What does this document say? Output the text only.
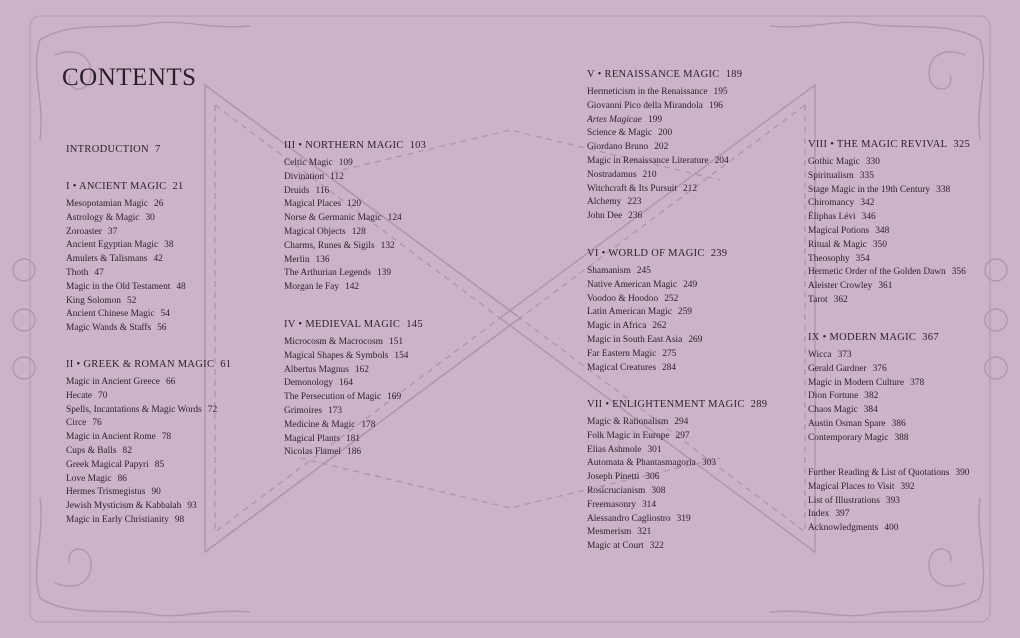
CONTENTS
INTRODUCTION 7
I • ANCIENT MAGIC 21
Mesopotamian Magic 26
Astrology & Magic 30
Zoroaster 37
Ancient Egyptian Magic 38
Amulets & Talismans 42
Thoth 47
Magic in the Old Testament 48
King Solomon 52
Ancient Chinese Magic 54
Magic Wands & Staffs 56
II • GREEK & ROMAN MAGIC 61
Magic in Ancient Greece 66
Hecate 70
Spells, Incantations & Magic Words 72
Circe 76
Magic in Ancient Rome 78
Cups & Balls 82
Greek Magical Papyri 85
Love Magic 86
Hermes Trismegistus 90
Jewish Mysticism & Kabbalah 93
Magic in Early Christianity 98
III • NORTHERN MAGIC 103
Celtic Magic 109
Divination 112
Druids 116
Magical Places 120
Norse & Germanic Magic 124
Magical Objects 128
Charms, Runes & Sigils 132
Merlin 136
The Arthurian Legends 139
Morgan le Fay 142
IV • MEDIEVAL MAGIC 145
Microcosm & Macrocosm 151
Magical Shapes & Symbols 154
Albertus Magnus 162
Demonology 164
The Persecution of Magic 169
Grimoires 173
Medicine & Magic 178
Magical Plants 181
Nicolas Flamel 186
V • RENAISSANCE MAGIC 189
Hermeticism in the Renaissance 195
Giovanni Pico della Mirandola 196
Artes Magicae 199
Science & Magic 200
Giordano Bruno 202
Magic in Renaissance Literature 204
Nostradamus 210
Witchcraft & Its Pursuit 212
Alchemy 223
John Dee 236
VI • WORLD OF MAGIC 239
Shamanism 245
Native American Magic 249
Voodoo & Hoodoo 252
Latin American Magic 259
Magic in Africa 262
Magic in South East Asia 269
Far Eastern Magic 275
Magical Creatures 284
VII • ENLIGHTENMENT MAGIC 289
Magic & Rationalism 294
Folk Magic in Europe 297
Elias Ashmole 301
Automata & Phantasmagoria 303
Joseph Pinetti 306
Rosicrucianism 308
Freemasonry 314
Alessandro Cagliostro 319
Mesmerism 321
Magic at Court 322
VIII • THE MAGIC REVIVAL 325
Gothic Magic 330
Spiritualism 335
Stage Magic in the 19th Century 338
Chiromancy 342
Éliphas Lévi 346
Magical Potions 348
Ritual & Magic 350
Theosophy 354
Hermetic Order of the Golden Dawn 356
Aleister Crowley 361
Tarot 362
IX • MODERN MAGIC 367
Wicca 373
Gerald Gardner 376
Magic in Modern Culture 378
Dion Fortune 382
Chaos Magic 384
Austin Osman Spare 386
Contemporary Magic 388
Further Reading & List of Quotations 390
Magical Places to Visit 392
List of Illustrations 393
Index 397
Acknowledgments 400
